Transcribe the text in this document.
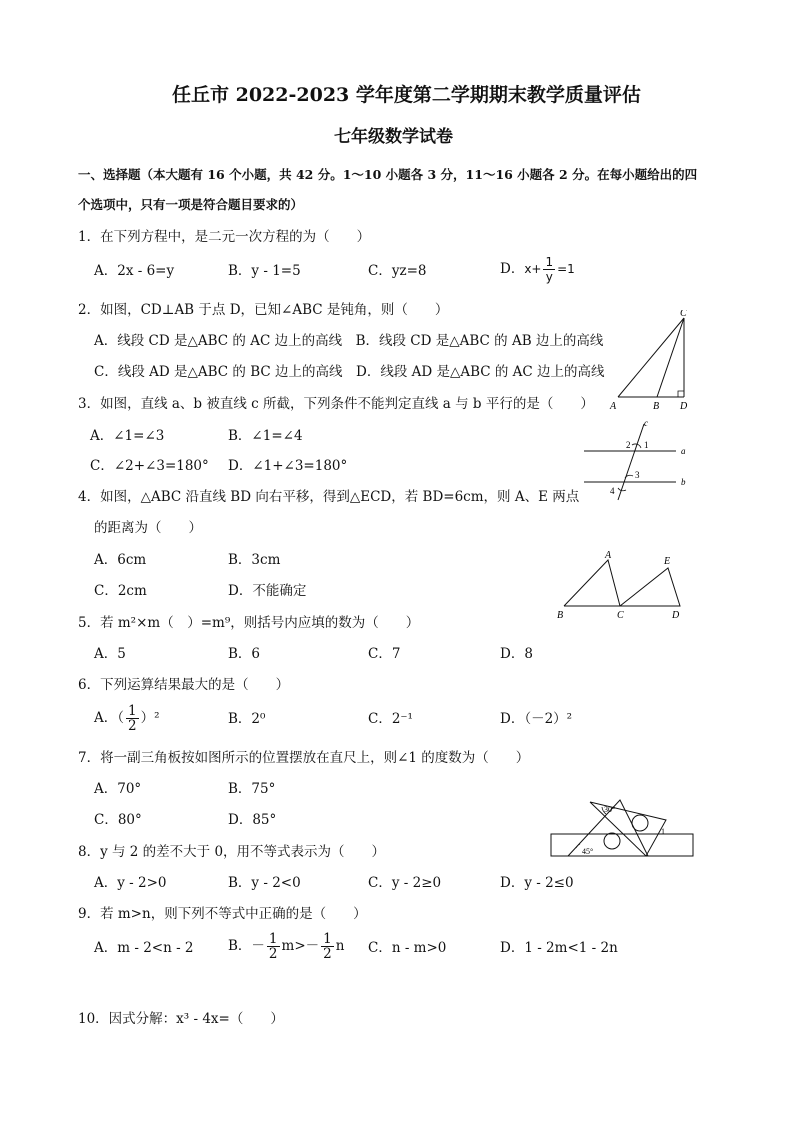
任丘市 2022-2023 学年度第二学期期末教学质量评估
七年级数学试卷
一、选择题（本大题有 16 个小题，共 42 分。1～10 小题各 3 分，11～16 小题各 2 分。在每小题给出的四
个选项中，只有一项是符合题目要求的）
1．在下列方程中，是二元一次方程的为（　　）
A．2x - 6=y	B．y - 1=5	C．yz=8	D．$x+ \frac{1}{y} =1$
2．如图，CD⊥AB 于点 D，已知∠ABC 是钝角，则（　　）
A．线段 CD 是△ABC 的 AC 边上的高线　B．线段 CD 是△ABC 的 AB 边上的高线
C．线段 AD 是△ABC 的 BC 边上的高线　D．线段 AD 是△ABC 的 AC 边上的高线
A	B
C
D
3．如图，直线 a、b 被直线 c 所截，下列条件不能判定直线 a 与 b 平行的是（　　）
A．∠1=∠3	B．∠1=∠4
C．∠2+∠3=180° D．∠1+∠3=180°
c
a
b
2 1
3
4
4．如图，△ABC 沿直线 BD 向右平移，得到△ECD，若 BD=6cm，则 A、E 两点
的距离为（　　）
A．6cm	B．3cm
C．2cm	D．不能确定
A
B	C	D
E
5．若 m²×m（　）=m⁹，则括号内应填的数为（　　）
A．5	B．6	C．7	D．8
6．下列运算结果最大的是（　　）
A．（ $\frac{1}{2} )^2$	B．2⁰	C．2⁻¹	D．（－2）²
7．将一副三角板按如图所示的位置摆放在直尺上，则∠1 的度数为（　　）
A．70°	B．75°
C．80°	D．85°
30°
45°
1
8．y 与 2 的差不大于 0，用不等式表示为（　　）
A．y - 2>0	B．y - 2<0	C．y - 2≥0	D．y - 2≤0
9．若 m>n，则下列不等式中正确的是（　　）
A．m - 2<n - 2	B．－ $\frac{1}{2} m>- \frac{1}{2}$ n C．n - m>0	D．1 - 2m<1 - 2n
10．因式分解：x³ - 4x=（　　）
